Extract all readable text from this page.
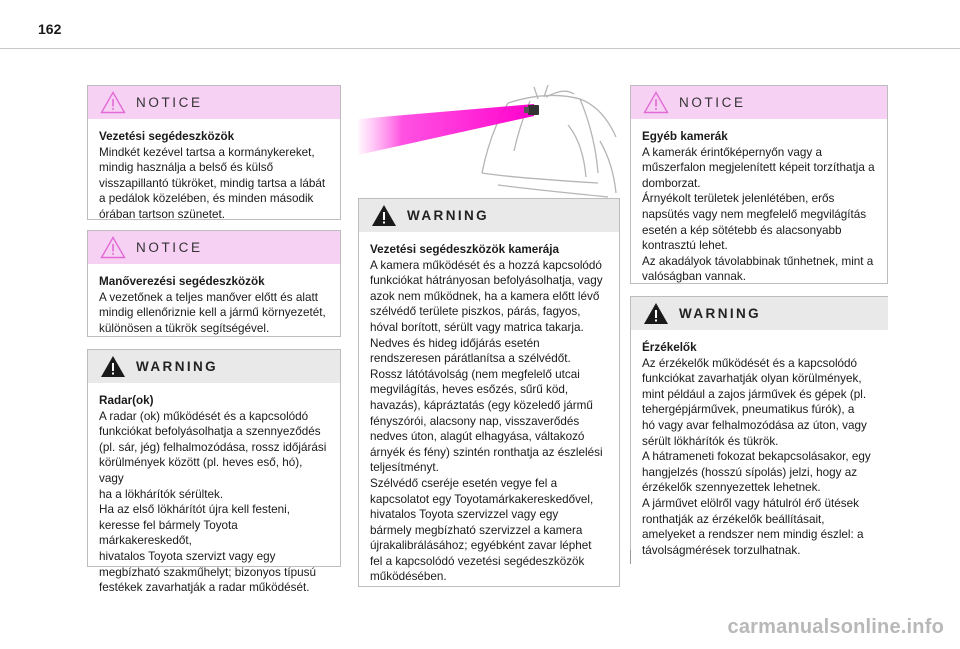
162
NOTICE
Vezetési segédeszközök
Mindkét kezével tartsa a kormánykereket,
mindig használja a belső és külső
visszapillantó tükröket, mindig tartsa a lábát
a pedálok közelében, és minden második
órában tartson szünetet.
NOTICE
Manőverezési segédeszközök
A vezetőnek a teljes manőver előtt és alatt
mindig ellenőriznie kell a jármű környezetét,
különösen a tükrök segítségével.
WARNING
Radar(ok)
A radar (ok) működését és a kapcsolódó
funkciókat befolyásolhatja a szennyeződés
(pl. sár, jég) felhalmozódása, rossz időjárási
körülmények között (pl. heves eső, hó), vagy
ha a lökhárítók sérültek.
Ha az első lökhárítót újra kell festeni,
keresse fel bármely Toyota márkakereskedőt,
hivatalos Toyota szervizt vagy egy
megbízható szakműhelyt; bizonyos típusú
festékek zavarhatják a radar működését.
WARNING
Vezetési segédeszközök kamerája
A kamera működését és a hozzá kapcsolódó
funkciókat hátrányosan befolyásolhatja, vagy
azok nem működnek, ha a kamera előtt lévő
szélvédő területe piszkos, párás, fagyos,
hóval borított, sérült vagy matrica takarja.
Nedves és hideg időjárás esetén
rendszeresen párátlanítsa a szélvédőt.
Rossz látótávolság (nem megfelelő utcai
megvilágítás, heves esőzés, sűrű köd,
havazás), kápráztatás (egy közeledő jármű
fényszórói, alacsony nap, visszaverődés
nedves úton, alagút elhagyása, váltakozó
árnyék és fény) szintén ronthatja az észlelési
teljesítményt.
Szélvédő cseréje esetén vegye fel a
kapcsolatot egy Toyotamárkakereskedővel,
hivatalos Toyota szervizzel vagy egy
bármely megbízható szervizzel a kamera
újrakalibrálásához; egyébként zavar léphet
fel a kapcsolódó vezetési segédeszközök
működésében.
NOTICE
Egyéb kamerák
A kamerák érintőképernyőn vagy a
műszerfalon megjelenített képeit torzíthatja a
domborzat.
Árnyékolt területek jelenlétében, erős
napsütés vagy nem megfelelő megvilágítás
esetén a kép sötétebb és alacsonyabb
kontrasztú lehet.
Az akadályok távolabbinak tűnhetnek, mint a
valóságban vannak.
WARNING
Érzékelők
Az érzékelők működését és a kapcsolódó
funkciókat zavarhatják olyan körülmények,
mint például a zajos járművek és gépek (pl.
tehergépjárművek, pneumatikus fúrók), a
hó vagy avar felhalmozódása az úton, vagy
sérült lökhárítók és tükrök.
A hátrameneti fokozat bekapcsolásakor, egy
hangjelzés (hosszú sípolás) jelzi, hogy az
érzékelők szennyezettek lehetnek.
A járművet elölről vagy hátulról érő ütések
ronthatják az érzékelők beállításait,
amelyeket a rendszer nem mindig észlel: a
távolságmérések torzulhatnak.
carmanualsonline.info
